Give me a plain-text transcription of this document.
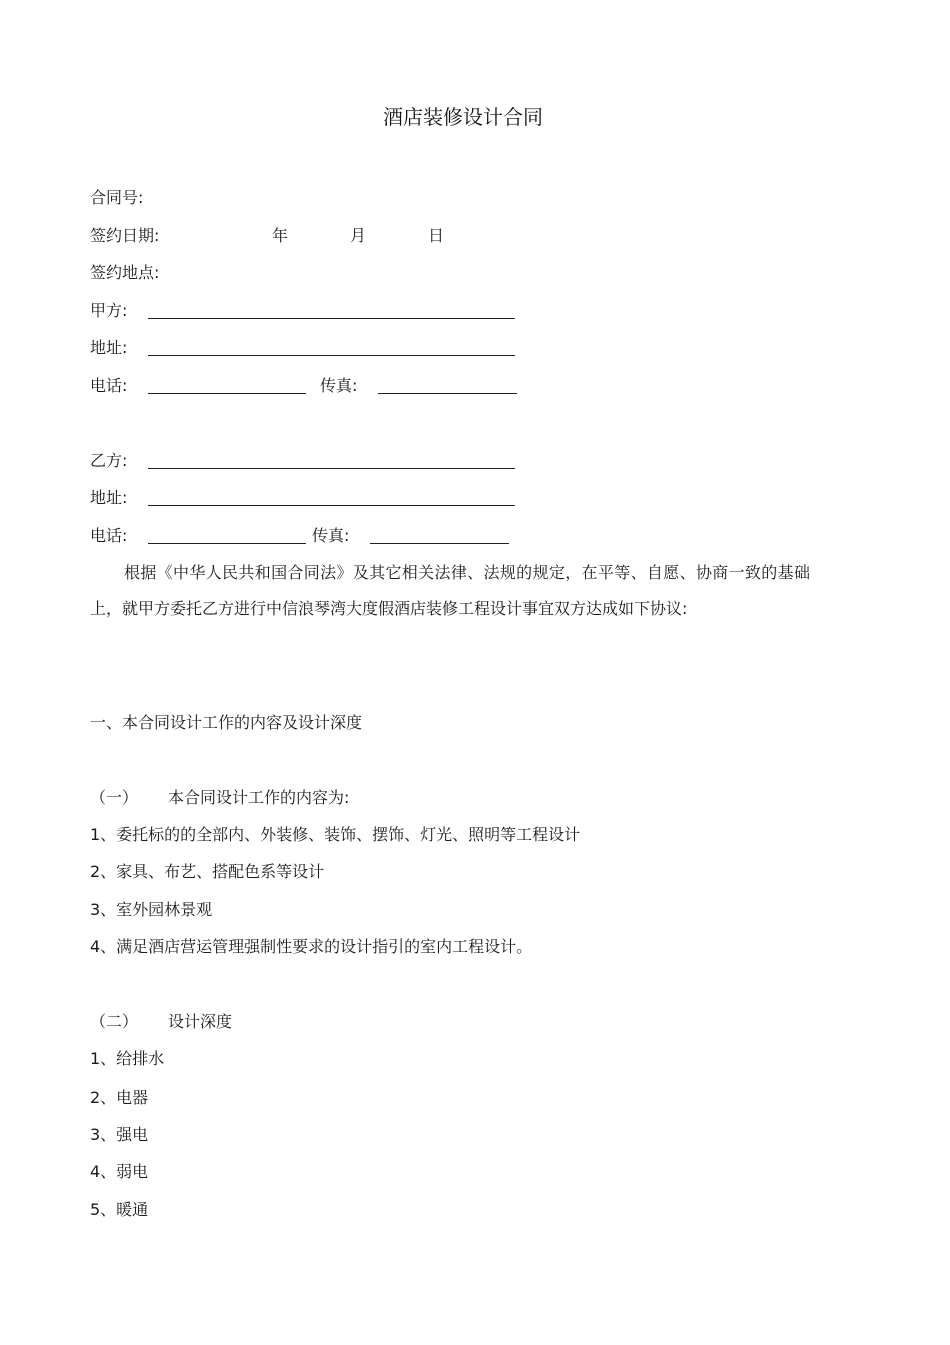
酒店装修设计合同
合同号:
签约日期:	年	月	日
签约地点:
甲方:
地址:
电话:	传真:
乙方:
地址:
电话:	传真:
根据《中华人民共和国合同法》及其它相关法律、法规的规定，在平等、自愿、协商一致的基础上，就甲方委托乙方进行中信浪琴湾大度假酒店装修工程设计事宜双方达成如下协议:
一、本合同设计工作的内容及设计深度
（一） 本合同设计工作的内容为:
1、委托标的的全部内、外装修、装饰、摆饰、灯光、照明等工程设计
2、家具、布艺、搭配色系等设计
3、室外园林景观
4、满足酒店营运管理强制性要求的设计指引的室内工程设计。
（二） 设计深度
1、给排水
2、电器
3、强电
4、弱电
5、暖通
